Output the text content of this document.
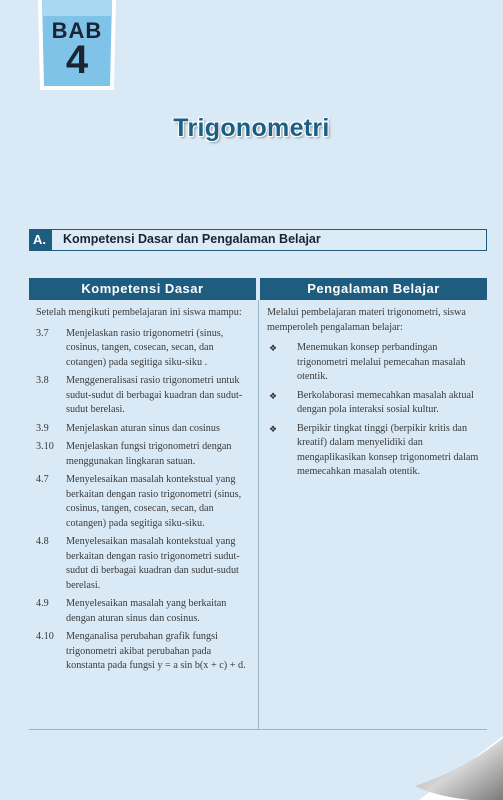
BAB
4
Trigonometri
A.	Kompetensi Dasar dan Pengalaman Belajar
Kompetensi Dasar	Pengalaman Belajar

Setelah mengikuti pembelajaran ini siswa mampu:

3.7	Menjelaskan rasio trigonometri (sinus, cosinus, tangen, cosecan, secan, dan cotangen) pada segitiga siku-siku .
3.8	Menggeneralisasi rasio trigonometri untuk sudut-sudut di berbagai kuadran dan sudut-sudut berelasi.
3.9	Menjelaskan aturan sinus dan cosinus
3.10	Menjelaskan fungsi trigonometri dengan menggunakan lingkaran satuan.
4.7	Menyelesaikan masalah kontekstual yang berkaitan dengan rasio trigonometri (sinus, cosinus, tangen, cosecan, secan, dan cotangen) pada segitiga siku-siku.
4.8	Menyelesaikan masalah kontekstual yang berkaitan dengan rasio trigonometri sudut-sudut di berbagai kuadran dan sudut-sudut berelasi.
4.9	Menyelesaikan masalah yang berkaitan dengan aturan sinus dan cosinus.
4.10	Menganalisa perubahan grafik fungsi trigonometri akibat perubahan pada konstanta pada fungsi y = a sin b(x + c) + d.

Melalui pembelajaran materi trigonometri, siswa memperoleh pengalaman belajar:

❖	Menemukan konsep perbandingan trigonometri melalui pemecahan masalah otentik.
❖	Berkolaborasi memecahkan masalah aktual dengan pola interaksi sosial kultur.
❖	Berpikir tingkat tinggi (berpikir kritis dan kreatif) dalam menyelidiki dan mengaplikasikan konsep trigonometri dalam memecahkan masalah otentik.
